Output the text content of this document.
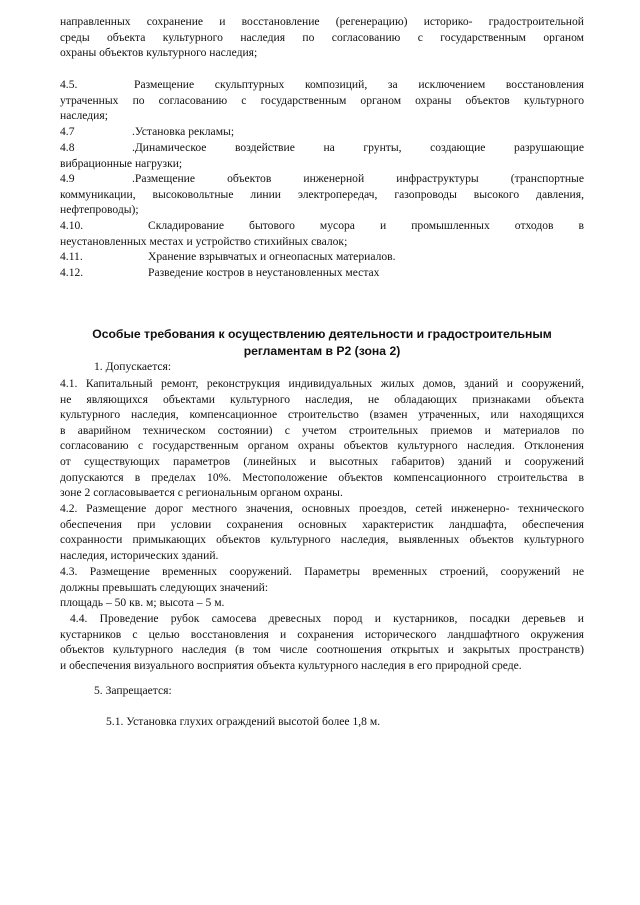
направленных сохранение и восстановление (регенерацию) историко- градостроительной
среды объекта культурного наследия по согласованию с государственным органом
охраны объектов культурного наследия;
4.5.	Размещение скульптурных композиций, за исключением восстановления
утраченных по согласованию с государственным органом охраны объектов культурного
наследия;
4.7	.Установка рекламы;
4.8	.Динамическое воздействие на грунты, создающие разрушающие
вибрационные нагрузки;
4.9	.Размещение объектов инженерной инфраструктуры (транспортные
коммуникации, высоковольтные линии электропередач, газопроводы высокого давления,
нефтепроводы);
4.10.	Складирование бытового мусора и промышленных отходов в
неустановленных местах и устройство стихийных свалок;
4.11.	Хранение взрывчатых и огнеопасных материалов.
4.12.	Разведение костров в неустановленных местах
Особые требования к осуществлению деятельности и градостроительным
регламентам в Р2 (зона 2)
1. Допускается:
4.1. Капитальный ремонт, реконструкция индивидуальных жилых домов, зданий и сооружений,
не являющихся объектами культурного наследия, не обладающих признаками объекта
культурного наследия, компенсационное строительство (взамен утраченных, или находящихся
в аварийном техническом состоянии) с учетом строительных приемов и материалов по
согласованию с государственным органом охраны объектов культурного наследия. Отклонения
от существующих параметров (линейных и высотных габаритов) зданий и сооружений
допускаются в пределах 10%. Местоположение объектов компенсационного строительства в
зоне 2 согласовывается с региональным органом охраны.
4.2. Размещение дорог местного значения, основных проездов, сетей инженерно- технического
обеспечения при условии сохранения основных характеристик ландшафта, обеспечения
сохранности примыкающих объектов культурного наследия, выявленных объектов культурного
наследия, исторических зданий.
4.3. Размещение временных сооружений. Параметры временных строений, сооружений не
должны превышать следующих значений:
площадь – 50 кв. м; высота – 5 м.
4.4. Проведение рубок самосева древесных пород и кустарников, посадки деревьев и
кустарников с целью восстановления и сохранения исторического ландшафтного окружения
объектов культурного наследия (в том числе соотношения открытых и закрытых пространств)
и обеспечения визуального восприятия объекта культурного наследия в его природной среде.
5. Запрещается:
5.1. Установка глухих ограждений высотой более 1,8 м.
